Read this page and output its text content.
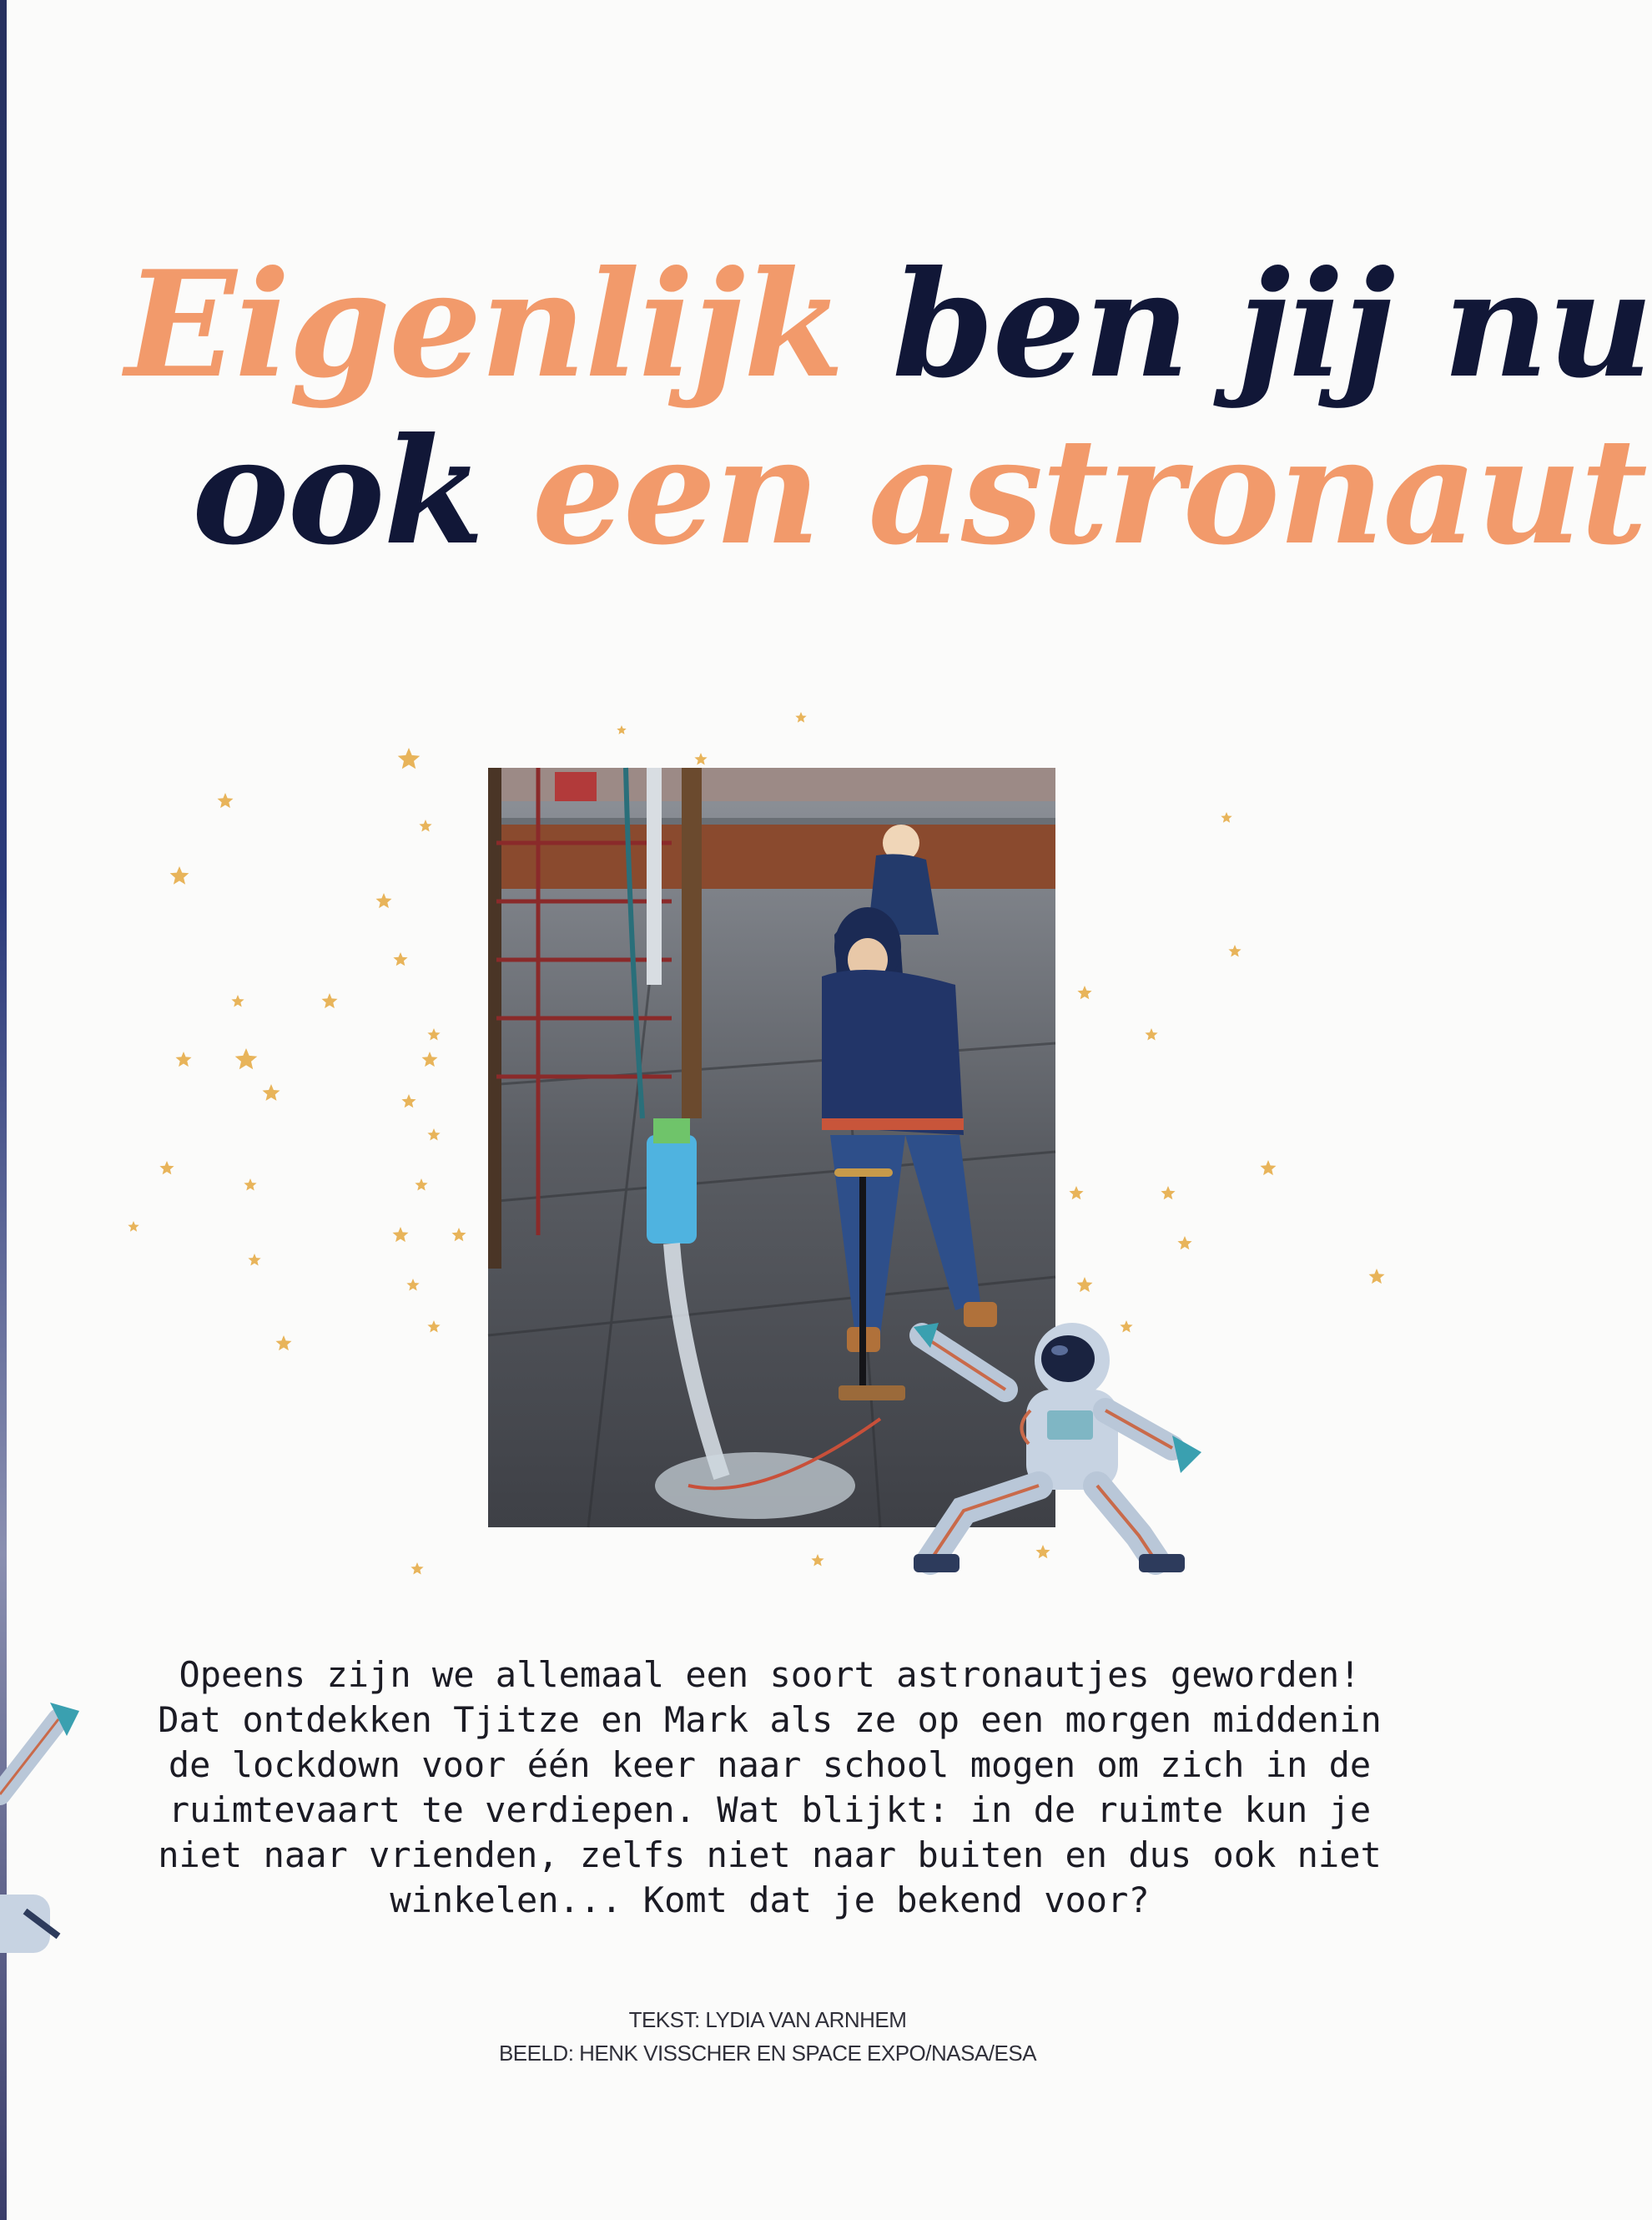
Eigenlijk ben jij nu
ook een astronaut

Opeens zijn we allemaal een soort astronautjes geworden! Dat ontdekken Tjitze en Mark als ze op een morgen middenin de lockdown voor één keer naar school mogen om zich in de ruimtevaart te verdiepen. Wat blijkt: in de ruimte kun je niet naar vrienden, zelfs niet naar buiten en dus ook niet winkelen... Komt dat je bekend voor?

TEKST: LYDIA VAN ARNHEM
BEELD: HENK VISSCHER EN SPACE EXPO/NASA/ESA
